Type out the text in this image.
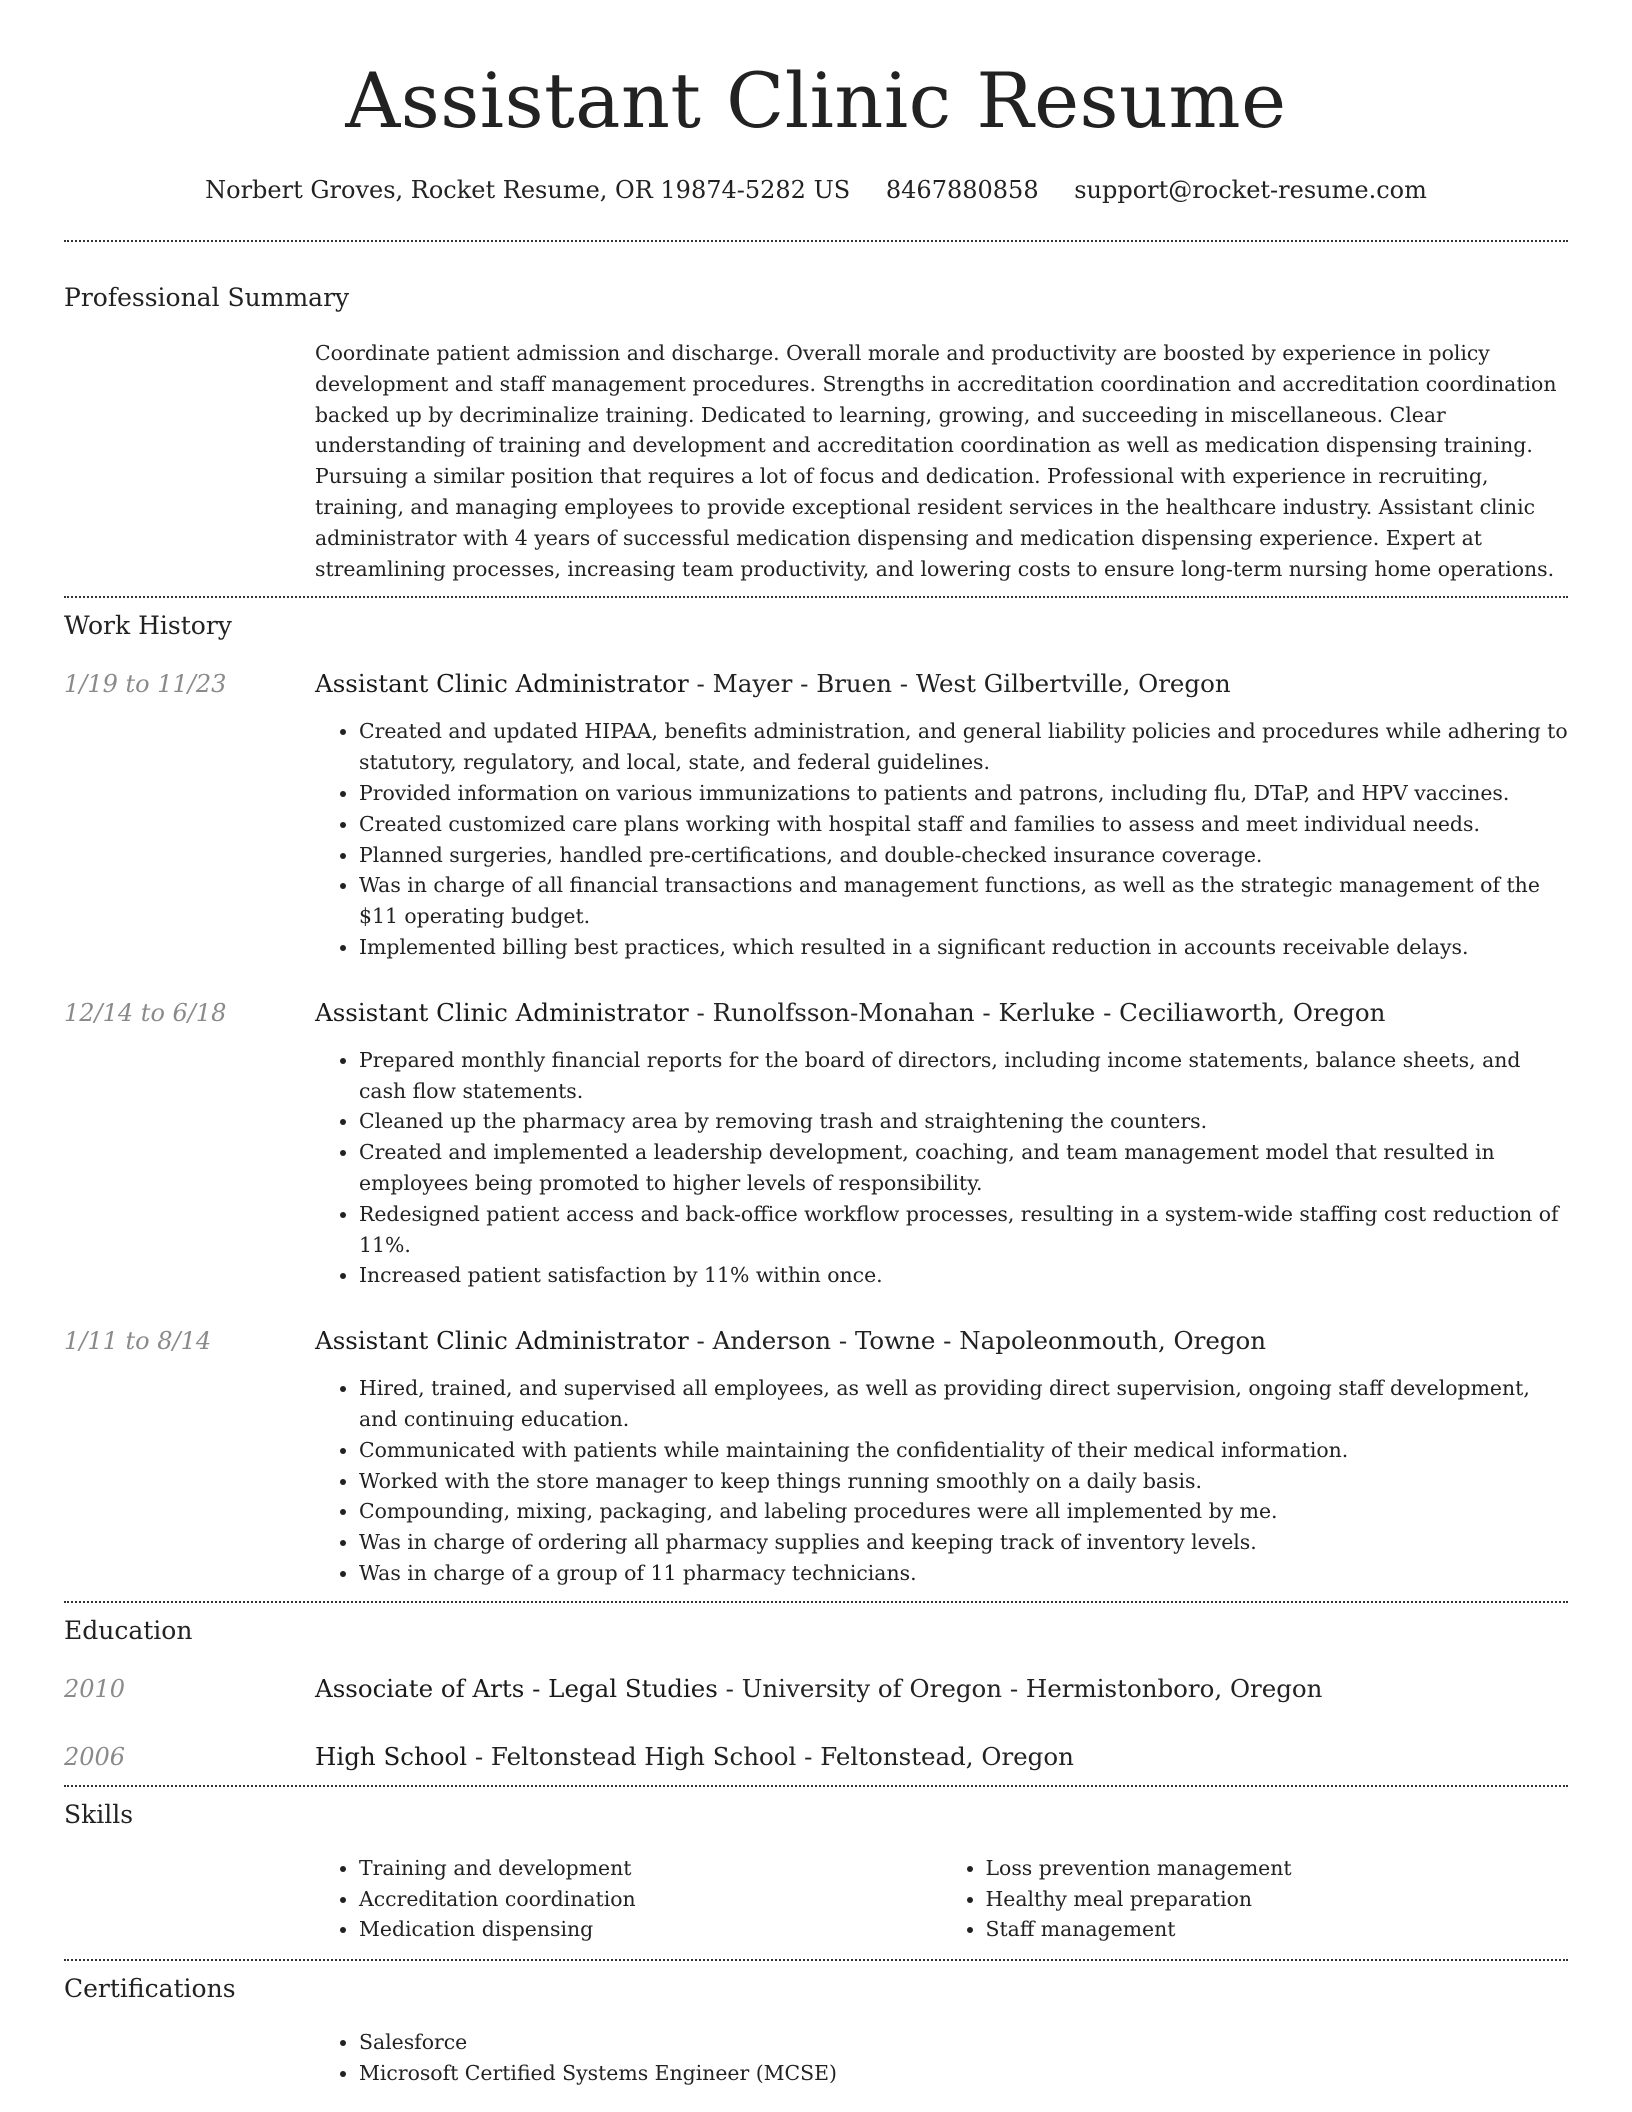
Assistant Clinic Resume
Norbert Groves, Rocket Resume, OR 19874-5282 US 8467880858 support@rocket-resume.com
Professional Summary
Coordinate patient admission and discharge. Overall morale and productivity are boosted by experience in policy development and staff management procedures. Strengths in accreditation coordination and accreditation coordination backed up by decriminalize training. Dedicated to learning, growing, and succeeding in miscellaneous. Clear understanding of training and development and accreditation coordination as well as medication dispensing training. Pursuing a similar position that requires a lot of focus and dedication. Professional with experience in recruiting, training, and managing employees to provide exceptional resident services in the healthcare industry. Assistant clinic administrator with 4 years of successful medication dispensing and medication dispensing experience. Expert at streamlining processes, increasing team productivity, and lowering costs to ensure long-term nursing home operations.
Work History
1/19 to 11/23	Assistant Clinic Administrator - Mayer - Bruen - West Gilbertville, Oregon
• Created and updated HIPAA, benefits administration, and general liability policies and procedures while adhering to statutory, regulatory, and local, state, and federal guidelines.
• Provided information on various immunizations to patients and patrons, including flu, DTaP, and HPV vaccines.
• Created customized care plans working with hospital staff and families to assess and meet individual needs.
• Planned surgeries, handled pre-certifications, and double-checked insurance coverage.
• Was in charge of all financial transactions and management functions, as well as the strategic management of the $11 operating budget.
• Implemented billing best practices, which resulted in a significant reduction in accounts receivable delays.
12/14 to 6/18	Assistant Clinic Administrator - Runolfsson-Monahan - Kerluke - Ceciliaworth, Oregon
• Prepared monthly financial reports for the board of directors, including income statements, balance sheets, and cash flow statements.
• Cleaned up the pharmacy area by removing trash and straightening the counters.
• Created and implemented a leadership development, coaching, and team management model that resulted in employees being promoted to higher levels of responsibility.
• Redesigned patient access and back-office workflow processes, resulting in a system-wide staffing cost reduction of 11%.
• Increased patient satisfaction by 11% within once.
1/11 to 8/14	Assistant Clinic Administrator - Anderson - Towne - Napoleonmouth, Oregon
• Hired, trained, and supervised all employees, as well as providing direct supervision, ongoing staff development, and continuing education.
• Communicated with patients while maintaining the confidentiality of their medical information.
• Worked with the store manager to keep things running smoothly on a daily basis.
• Compounding, mixing, packaging, and labeling procedures were all implemented by me.
• Was in charge of ordering all pharmacy supplies and keeping track of inventory levels.
• Was in charge of a group of 11 pharmacy technicians.
Education
2010	Associate of Arts - Legal Studies - University of Oregon - Hermistonboro, Oregon
2006	High School - Feltonstead High School - Feltonstead, Oregon
Skills
• Training and development
• Accreditation coordination
• Medication dispensing
• Loss prevention management
• Healthy meal preparation
• Staff management
Certifications
• Salesforce
• Microsoft Certified Systems Engineer (MCSE)
